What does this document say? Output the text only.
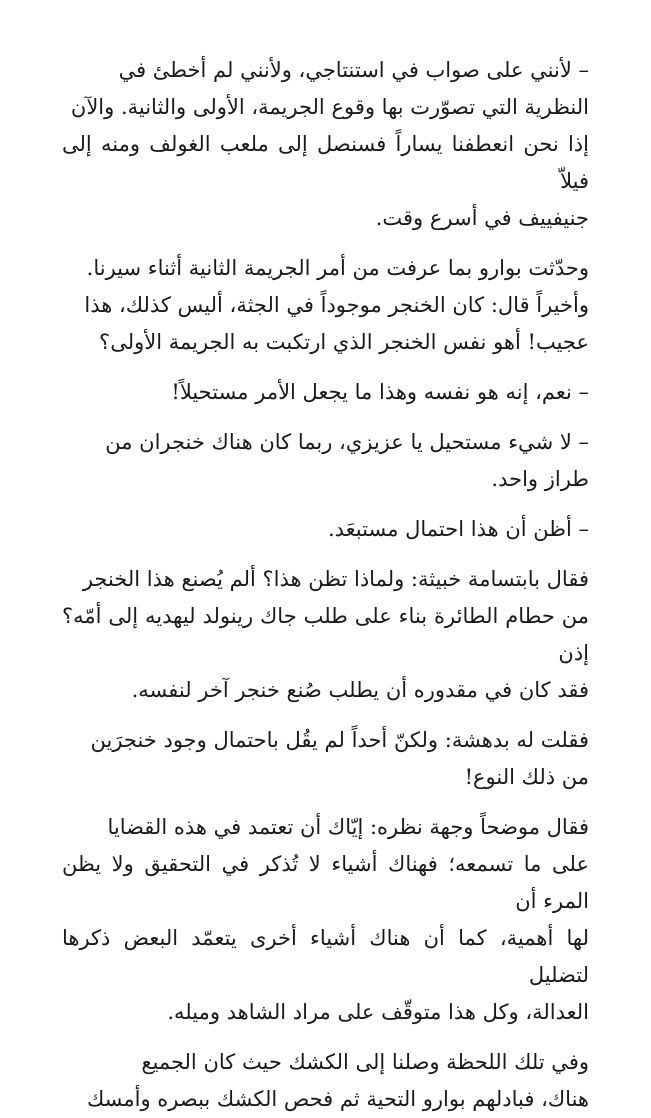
– لأنني على صواب في استنتاجي، ولأنني لم أخطئ في
النظرية التي تصوّرت بها وقوع الجريمة، الأولى والثانية. والآن
إذا نحن انعطفنا يساراً فسنصل إلى ملعب الغولف ومنه إلى فيلاّ
جنيفييف في أسرع وقت.

وحدّثت بوارو بما عرفت من أمر الجريمة الثانية أثناء سيرنا.
وأخيراً قال: كان الخنجر موجوداً في الجثة، أليس كذلك، هذا
عجيب! أهو نفس الخنجر الذي ارتكبت به الجريمة الأولى؟

– نعم، إنه هو نفسه وهذا ما يجعل الأمر مستحيلاً!

– لا شيء مستحيل يا عزيزي، ربما كان هناك خنجران من
طراز واحد.

– أظن أن هذا احتمال مستبعَد.

فقال بابتسامة خبيثة: ولماذا تظن هذا؟ ألم يُصنع هذا الخنجر
من حطام الطائرة بناء على طلب جاك رينولد ليهديه إلى أمّه؟ إذن
فقد كان في مقدوره أن يطلب صُنع خنجر آخر لنفسه.

فقلت له بدهشة: ولكنّ أحداً لم يقُل باحتمال وجود خنجرَين
من ذلك النوع!

فقال موضحاً وجهة نظره: إيّاك أن تعتمد في هذه القضايا
على ما تسمعه؛ فهناك أشياء لا تُذكر في التحقيق ولا يظن المرء أن
لها أهمية، كما أن هناك أشياء أخرى يتعمّد البعض ذكرها لتضليل
العدالة، وكل هذا متوقّف على مراد الشاهد وميله.

وفي تلك اللحظة وصلنا إلى الكشك حيث كان الجميع
هناك، فبادلهم بوارو التحية ثم فحص الكشك ببصره وأمسك
